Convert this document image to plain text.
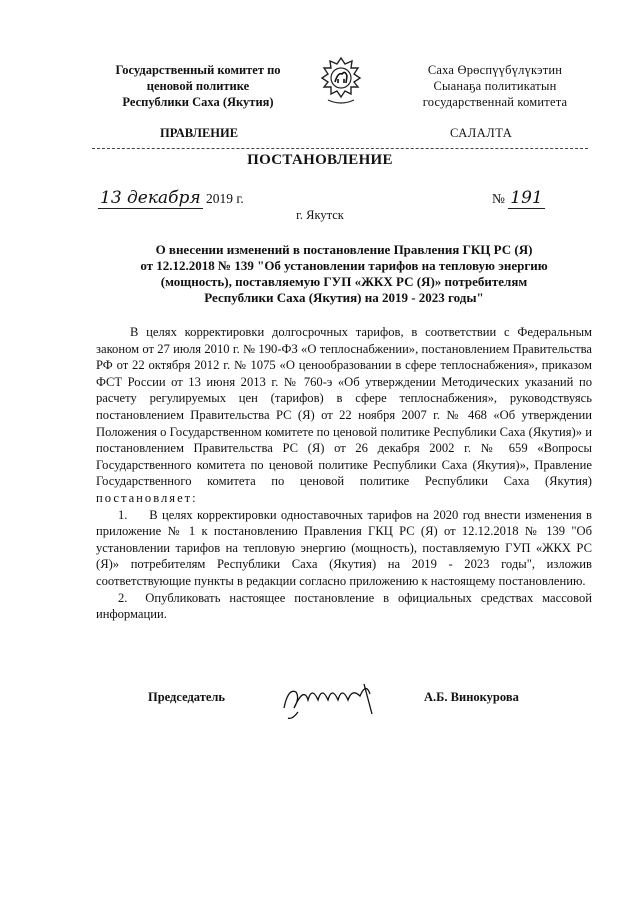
Государственный комитет по
ценовой политике
Республики Саха (Якутия)
Саха Өрөспүүбүлүкэтин
Сыанаҕа политикатын
государственнай комитета
ПРАВЛЕНИЕ	САЛАЛТА
ПОСТАНОВЛЕНИЕ
13 декабря 2019 г.	№ 191
г. Якутск
О внесении изменений в постановление Правления ГКЦ РС (Я)
от 12.12.2018 № 139 "Об установлении тарифов на тепловую энергию
(мощность), поставляемую ГУП «ЖКХ РС (Я)» потребителям
Республики Саха (Якутия) на 2019 - 2023 годы"

В целях корректировки долгосрочных тарифов, в соответствии с Федеральным законом от 27 июля 2010 г. № 190-ФЗ «О теплоснабжении», постановлением Правительства РФ от 22 октября 2012 г. № 1075 «О ценообразовании в сфере теплоснабжения», приказом ФСТ России от 13 июня 2013 г. № 760-э «Об утверждении Методических указаний по расчету регулируемых цен (тарифов) в сфере теплоснабжения», руководствуясь постановлением Правительства РС (Я) от 22 ноября 2007 г. № 468 «Об утверждении Положения о Государственном комитете по ценовой политике Республики Саха (Якутия)» и постановлением Правительства РС (Я) от 26 декабря 2002 г. № 659 «Вопросы Государственного комитета по ценовой политике Республики Саха (Якутия)», Правление Государственного комитета по ценовой политике Республики Саха (Якутия) постановляет:

1. В целях корректировки одноставочных тарифов на 2020 год внести изменения в приложение № 1 к постановлению Правления ГКЦ РС (Я) от 12.12.2018 № 139 "Об установлении тарифов на тепловую энергию (мощность), поставляемую ГУП «ЖКХ РС (Я)» потребителям Республики Саха (Якутия) на 2019 - 2023 годы", изложив соответствующие пункты в редакции согласно приложению к настоящему постановлению.

2. Опубликовать настоящее постановление в официальных средствах массовой информации.

Председатель	А.Б. Винокурова
